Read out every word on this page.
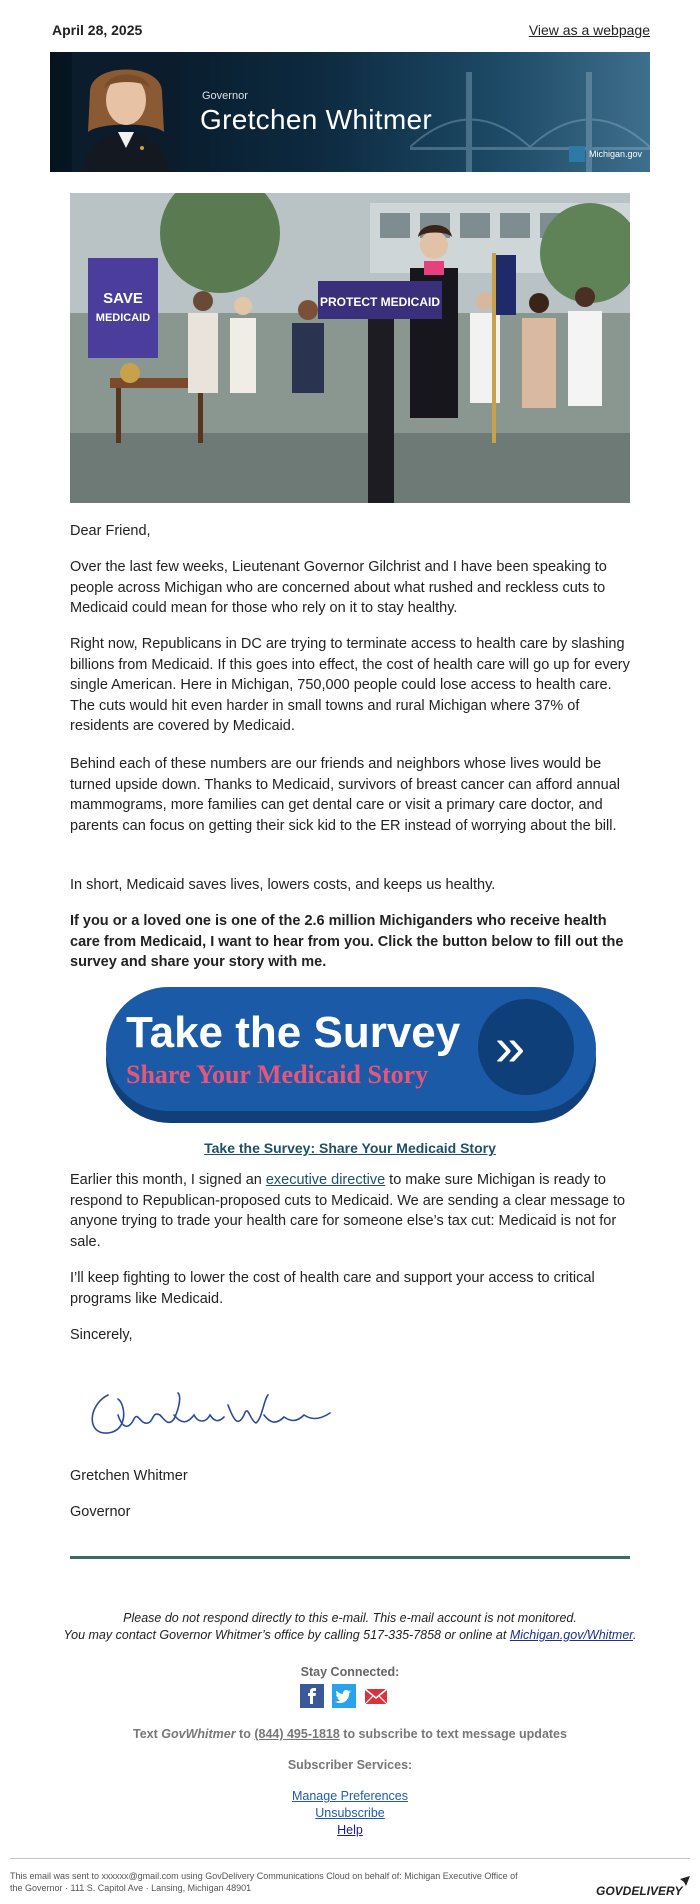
April 28, 2025	View as a webpage
Governor
Gretchen Whitmer
Michigan.gov
SAVE
MEDICAID
PROTECT MEDICAID
Dear Friend,
Over the last few weeks, Lieutenant Governor Gilchrist and I have been speaking to people across Michigan who are concerned about what rushed and reckless cuts to Medicaid could mean for those who rely on it to stay healthy.
Right now, Republicans in DC are trying to terminate access to health care by slashing billions from Medicaid. If this goes into effect, the cost of health care will go up for every single American. Here in Michigan, 750,000 people could lose access to health care. The cuts would hit even harder in small towns and rural Michigan where 37% of residents are covered by Medicaid.
Behind each of these numbers are our friends and neighbors whose lives would be turned upside down. Thanks to Medicaid, survivors of breast cancer can afford annual mammograms, more families can get dental care or visit a primary care doctor, and parents can focus on getting their sick kid to the ER instead of worrying about the bill.
In short, Medicaid saves lives, lowers costs, and keeps us healthy.
If you or a loved one is one of the 2.6 million Michiganders who receive health care from Medicaid, I want to hear from you. Click the button below to fill out the survey and share your story with me.
»
Take the Survey
Share Your Medicaid Story
Take the Survey: Share Your Medicaid Story
Earlier this month, I signed an executive directive to make sure Michigan is ready to respond to Republican-proposed cuts to Medicaid. We are sending a clear message to anyone trying to trade your health care for someone else’s tax cut: Medicaid is not for sale.
I’ll keep fighting to lower the cost of health care and support your access to critical programs like Medicaid.
Sincerely,
Gretchen Whitmer
Governor
Please do not respond directly to this e-mail. This e-mail account is not monitored.
You may contact Governor Whitmer’s office by calling 517-335-7858 or online at Michigan.gov/Whitmer.
Stay Connected:
Text GovWhitmer to (844) 495-1818 to subscribe to text message updates
Subscriber Services:
Manage Preferences
Unsubscribe
Help
This email was sent to xxxxxx@gmail.com using GovDelivery Communications Cloud on behalf of: Michigan Executive Office of
the Governor · 111 S. Capitol Ave · Lansing, Michigan 48901	GOVDELIVERY
